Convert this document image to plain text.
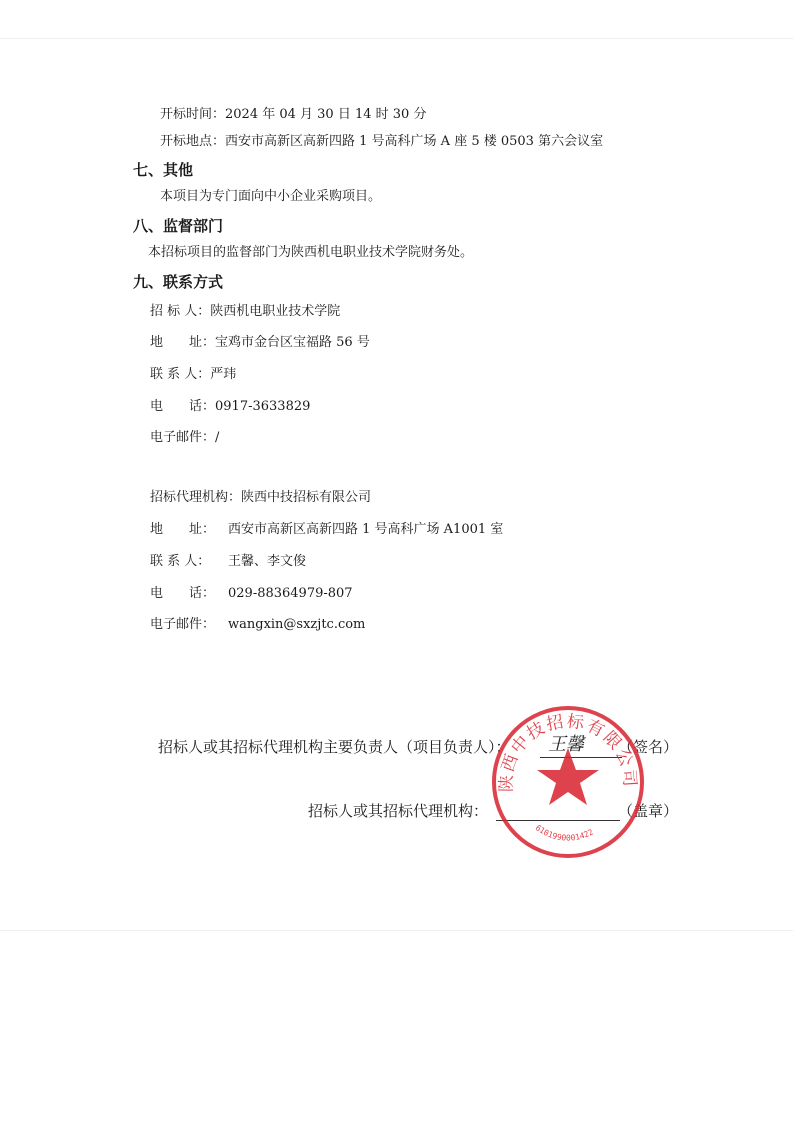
开标时间：2024 年 04 月 30 日 14 时 30 分
开标地点：西安市高新区高新四路 1 号高科广场 A 座 5 楼 0503 第六会议室
七、其他
本项目为专门面向中小企业采购项目。
八、监督部门
本招标项目的监督部门为陕西机电职业技术学院财务处。
九、联系方式
招 标 人：陕西机电职业技术学院
地　　址：宝鸡市金台区宝福路 56 号
联 系 人：严玮
电　　话：0917-3633829
电子邮件：/
招标代理机构：陕西中技招标有限公司
地　　址： 西安市高新区高新四路 1 号高科广场 A1001 室
联 系 人： 王馨、李文俊
电　　话： 029-88364979-807
电子邮件： wangxin@sxzjtc.com
招标人或其招标代理机构主要负责人（项目负责人）： 王馨 （签名）
招标人或其招标代理机构：	（盖章）
陕西中技招标有限公司
6101990001422
